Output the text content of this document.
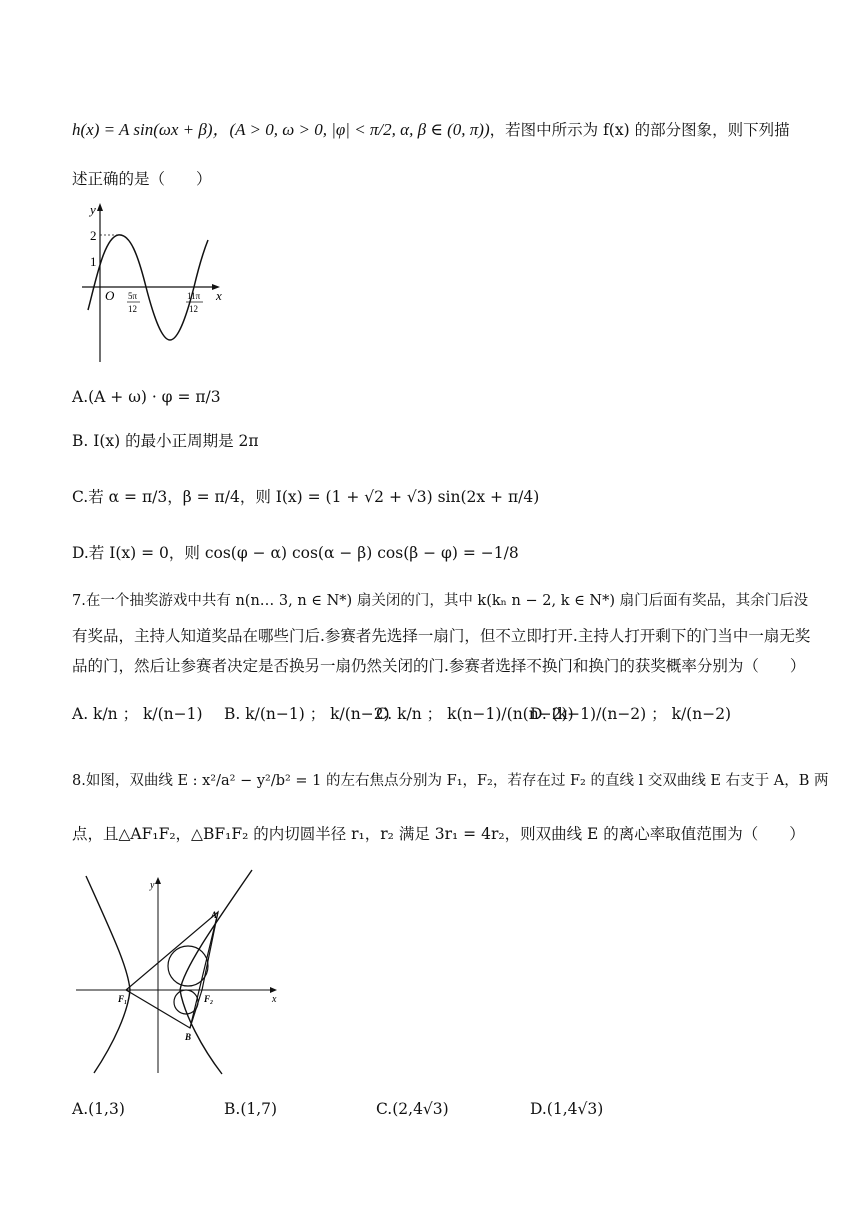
h(x) = A sin(ωx + β)，(A > 0, ω > 0, |φ| < π/2, α, β ∈ (0, π))，若图中所示为 f(x) 的部分图象，则下列描
述正确的是（　　）
y
x
O
2
1
5π
12
11π
12
A.(A + ω) · φ = π/3
B. I(x) 的最小正周期是 2π
C.若 α = π/3，β = π/4，则 I(x) = (1 + √2 + √3) sin(2x + π/4)
D.若 I(x) = 0，则 cos(φ − α) cos(α − β) cos(β − φ) = −1/8
7.在一个抽奖游戏中共有 n(n… 3, n ∈ N*) 扇关闭的门，其中 k(kₙ n − 2, k ∈ N*) 扇门后面有奖品，其余门后没
有奖品，主持人知道奖品在哪些门后.参赛者先选择一扇门，但不立即打开.主持人打开剩下的门当中一扇无奖
品的门，然后让参赛者决定是否换另一扇仍然关闭的门.参赛者选择不换门和换门的获奖概率分别为（　　）
A. k/n ； k/(n−1) B. k/(n−1) ； k/(n−2)
C. k/n ； k(n−1)/(n(n−2))
D. (k−1)/(n−2) ； k/(n−2)
8.如图，双曲线 E : x²/a² − y²/b² = 1 的左右焦点分别为 F₁，F₂，若存在过 F₂ 的直线 l 交双曲线 E 右支于 A，B 两
点，且△AF₁F₂，△BF₁F₂ 的内切圆半径 r₁，r₂ 满足 3r₁ = 4r₂，则双曲线 E 的离心率取值范围为（　　）
y
x
A
B
F₁	F₂
A.(1,3)	B.(1,7)	C.(2,4√3)	D.(1,4√3)
